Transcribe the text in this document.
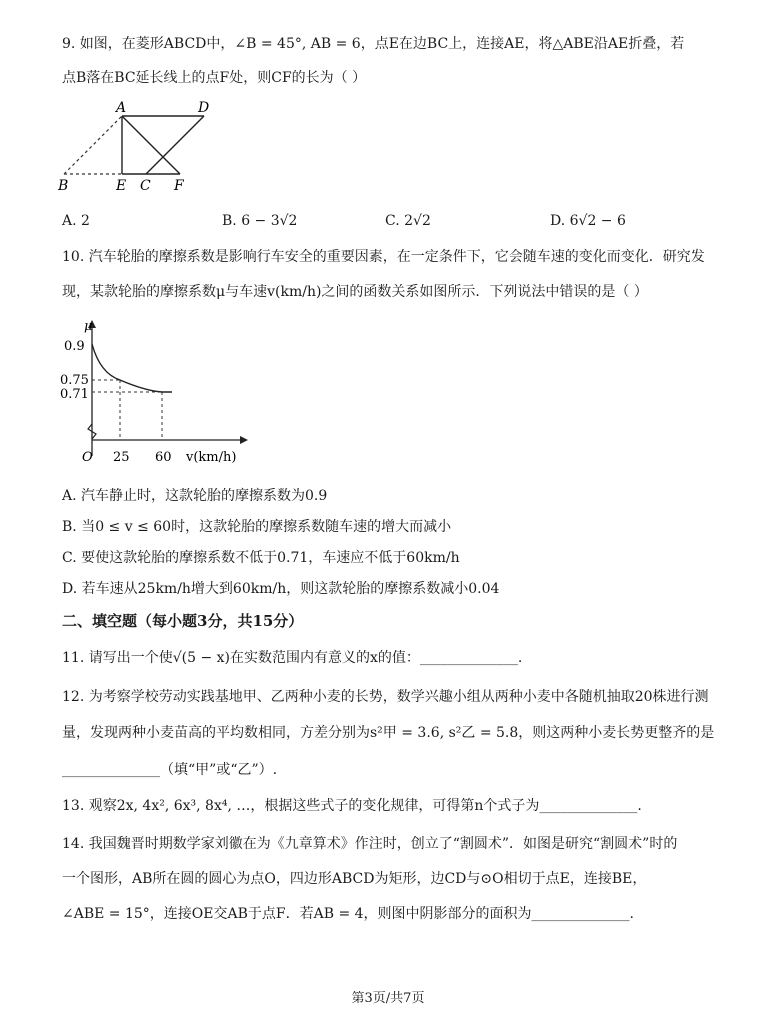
9. 如图，在菱形ABCD中，∠B = 45°, AB = 6，点E在边BC上，连接AE，将△ABE沿AE折叠，若
点B落在BC延长线上的点F处，则CF的长为（ ）
A	D
B	E C F
A. 2	B. 6 − 3√2	C. 2√2	D. 6√2 − 6
10. 汽车轮胎的摩擦系数是影响行车安全的重要因素，在一定条件下，它会随车速的变化而变化．研究发
现，某款轮胎的摩擦系数μ与车速v(km/h)之间的函数关系如图所示．下列说法中错误的是（ ）
μ
0.9
0.75
0.71
O 25 60 v(km/h)
A. 汽车静止时，这款轮胎的摩擦系数为0.9
B. 当0 ≤ v ≤ 60时，这款轮胎的摩擦系数随车速的增大而减小
C. 要使这款轮胎的摩擦系数不低于0.71，车速应不低于60km/h
D. 若车速从25km/h增大到60km/h，则这款轮胎的摩擦系数减小0.04
二、填空题（每小题3分，共15分）
11. 请写出一个使√(5 − x)在实数范围内有意义的x的值：______________.
12. 为考察学校劳动实践基地甲、乙两种小麦的长势，数学兴趣小组从两种小麦中各随机抽取20株进行测
量，发现两种小麦苗高的平均数相同，方差分别为s²甲 = 3.6, s²乙 = 5.8，则这两种小麦长势更整齐的是
______________（填“甲”或“乙”）.
13. 观察2x, 4x², 6x³, 8x⁴, …，根据这些式子的变化规律，可得第n个式子为______________.
14. 我国魏晋时期数学家刘徽在为《九章算术》作注时，创立了“割圆术”．如图是研究“割圆术”时的
一个图形，AB所在圆的圆心为点O，四边形ABCD为矩形，边CD与⊙O相切于点E，连接BE，
∠ABE = 15°，连接OE交AB于点F．若AB = 4，则图中阴影部分的面积为______________.
第3页/共7页
